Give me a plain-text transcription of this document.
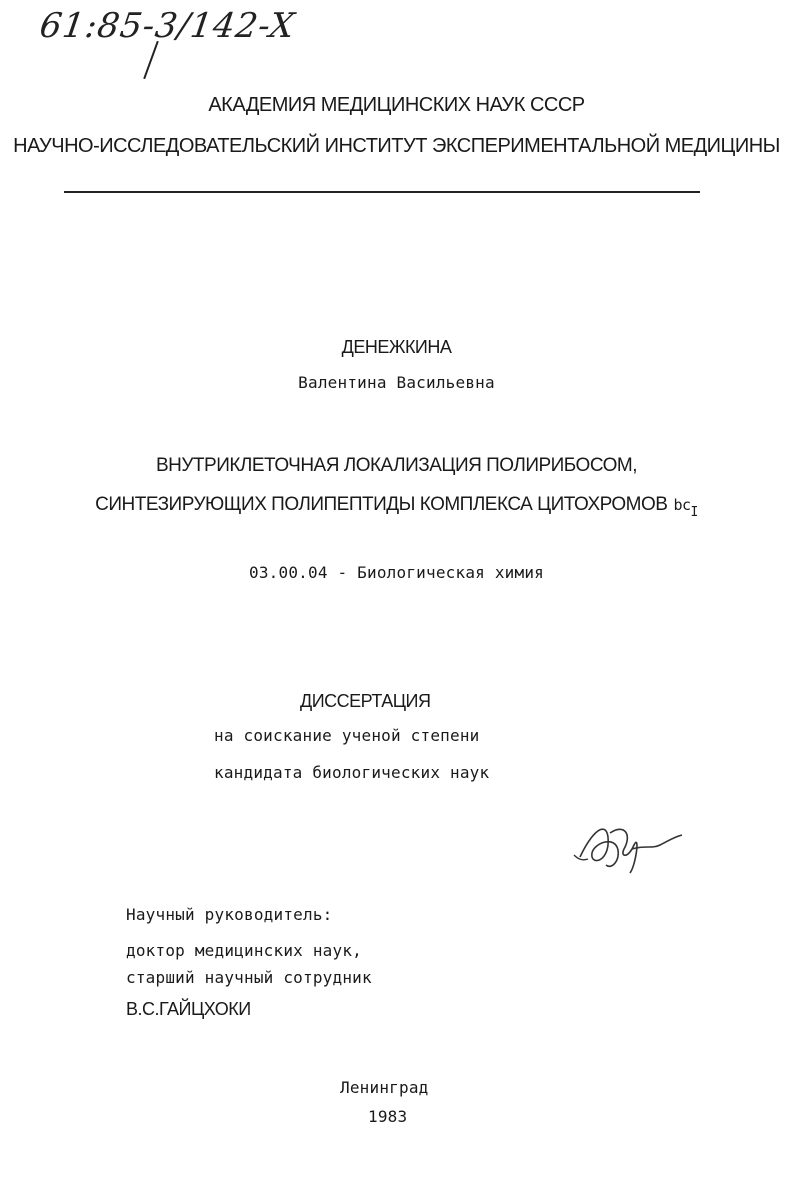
61:85-3/142-X
АКАДЕМИЯ МЕДИЦИНСКИХ НАУК СССР
НАУЧНО-ИССЛЕДОВАТЕЛЬСКИЙ ИНСТИТУТ ЭКСПЕРИМЕНТАЛЬНОЙ МЕДИЦИНЫ
ДЕНЕЖКИНА
Валентина Васильевна
ВНУТРИКЛЕТОЧНАЯ ЛОКАЛИЗАЦИЯ ПОЛИРИБОСОМ,
СИНТЕЗИРУЮЩИХ ПОЛИПЕПТИДЫ КОМПЛЕКСА ЦИТОХРОМОВ $bc_I$
03.00.04 - Биологическая химия
ДИССЕРТАЦИЯ
на соискание ученой степени
кандидата биологических наук
Научный руководитель:
доктор медицинских наук,
старший научный сотрудник
В.С.ГАЙЦХОКИ
Ленинград
1983
